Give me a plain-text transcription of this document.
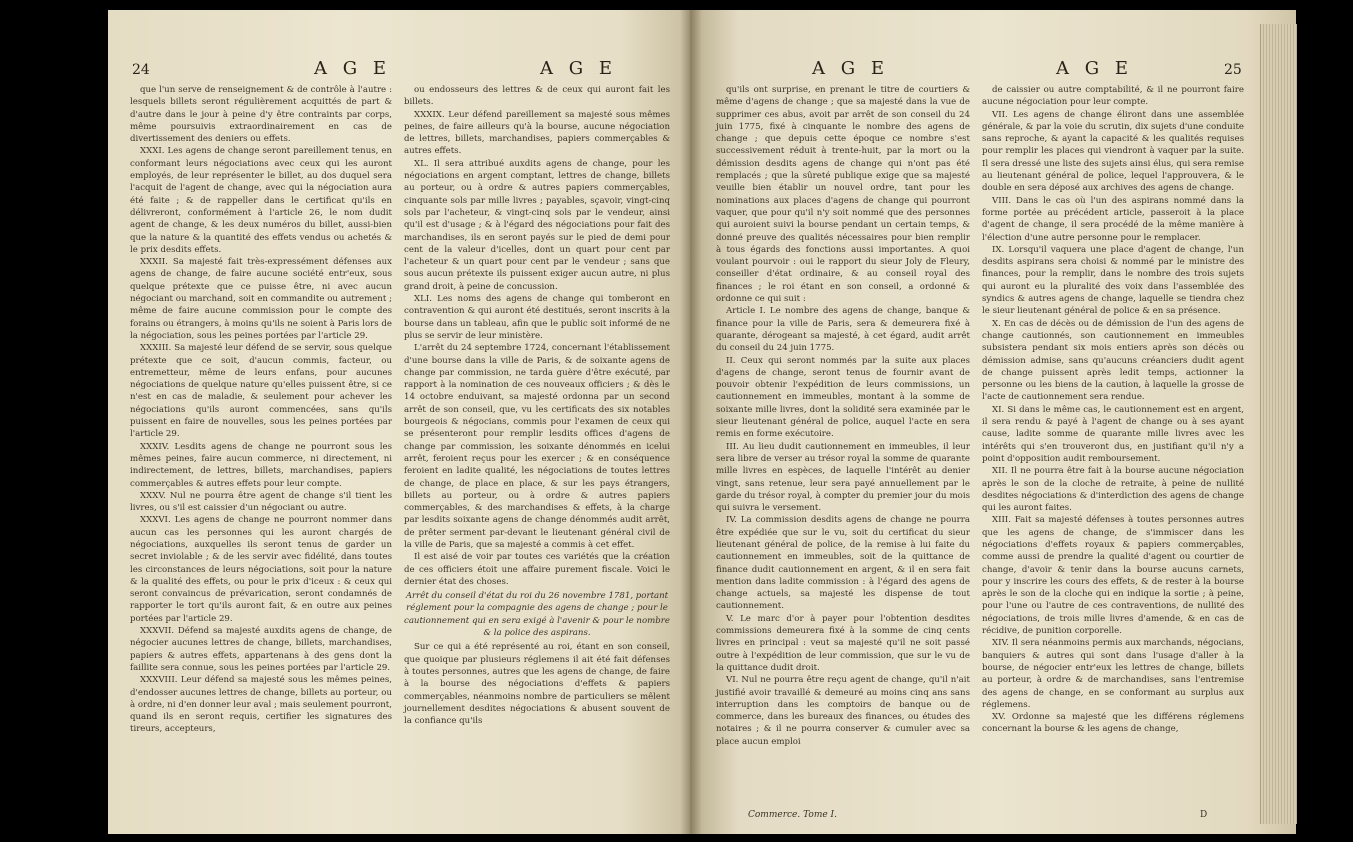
24	A G E	A G E

que l'un serve de renseignement & de contrôle à l'autre : lesquels billets seront régulièrement acquittés de part & d'autre dans le jour à peine d'y être contraints par corps, même poursuivis extraordinairement en cas de divertissement des deniers ou effets.

XXXI. Les agens de change seront pareillement tenus, en conformant leurs négociations avec ceux qui les auront employés, de leur représenter le billet, au dos duquel sera l'acquit de l'agent de change, avec qui la négociation aura été faite ; & de rappeller dans le certificat qu'ils en délivreront, conformément à l'article 26, le nom dudit agent de change, & les deux numéros du billet, aussi-bien que la nature & la quantité des effets vendus ou achetés & le prix desdits effets.

XXXII. Sa majesté fait très-expressément défenses aux agens de change, de faire aucune société entr'eux, sous quelque prétexte que ce puisse être, ni avec aucun négociant ou marchand, soit en commandite ou autrement ; même de faire aucune commission pour le compte des forains ou étrangers, à moins qu'ils ne soient à Paris lors de la négociation, sous les peines portées par l'article 29.

XXXIII. Sa majesté leur défend de se servir, sous quelque prétexte que ce soit, d'aucun commis, facteur, ou entremetteur, même de leurs enfans, pour aucunes négociations de quelque nature qu'elles puissent être, si ce n'est en cas de maladie, & seulement pour achever les négociations qu'ils auront commencées, sans qu'ils puissent en faire de nouvelles, sous les peines portées par l'article 29.

XXXIV. Lesdits agens de change ne pourront sous les mêmes peines, faire aucun commerce, ni directement, ni indirectement, de lettres, billets, marchandises, papiers commerçables & autres effets pour leur compte.

XXXV. Nul ne pourra être agent de change s'il tient les livres, ou s'il est caissier d'un négociant ou autre.

XXXVI. Les agens de change ne pourront nommer dans aucun cas les personnes qui les auront chargés de négociations, auxquelles ils seront tenus de garder un secret inviolable ; & de les servir avec fidélité, dans toutes les circonstances de leurs négociations, soit pour la nature & la qualité des effets, ou pour le prix d'iceux : & ceux qui seront convaincus de prévarication, seront condamnés de rapporter le tort qu'ils auront fait, & en outre aux peines portées par l'article 29.

XXXVII. Défend sa majesté auxdits agens de change, de négocier aucunes lettres de change, billets, marchandises, papiers & autres effets, appartenans à des gens dont la faillite sera connue, sous les peines portées par l'article 29.

XXXVIII. Leur défend sa majesté sous les mêmes peines, d'endosser aucunes lettres de change, billets au porteur, ou à ordre, ni d'en donner leur aval ; mais seulement pourront, quand ils en seront requis, certifier les signatures des tireurs, accepteurs,

ou endosseurs des lettres & de ceux qui auront fait les billets.

XXXIX. Leur défend pareillement sa majesté sous mêmes peines, de faire ailleurs qu'à la bourse, aucune négociation de lettres, billets, marchandises, papiers commerçables & autres effets.

XL. Il sera attribué auxdits agens de change, pour les négociations en argent comptant, lettres de change, billets au porteur, ou à ordre & autres papiers commerçables, cinquante sols par mille livres ; payables, sçavoir, vingt-cinq sols par l'acheteur, & vingt-cinq sols par le vendeur, ainsi qu'il est d'usage ; & à l'égard des négociations pour fait des marchandises, ils en seront payés sur le pied de demi pour cent de la valeur d'icelles, dont un quart pour cent par l'acheteur & un quart pour cent par le vendeur ; sans que sous aucun prétexte ils puissent exiger aucun autre, ni plus grand droit, à peine de concussion.

XLI. Les noms des agens de change qui tomberont en contravention & qui auront été destitués, seront inscrits à la bourse dans un tableau, afin que le public soit informé de ne plus se servir de leur ministère.

L'arrêt du 24 septembre 1724, concernant l'établissement d'une bourse dans la ville de Paris, & de soixante agens de change par commission, ne tarda guère d'être exécuté, par rapport à la nomination de ces nouveaux officiers ; & dès le 14 octobre enduivant, sa majesté ordonna par un second arrêt de son conseil, que, vu les certificats des six notables bourgeois & négocians, commis pour l'examen de ceux qui se présenteront pour remplir lesdits offices d'agens de change par commission, les soixante dénommés en icelui arrêt, feroient reçus pour les exercer ; & en conséquence feroient en ladite qualité, les négociations de toutes lettres de change, de place en place, & sur les pays étrangers, billets au porteur, ou à ordre & autres papiers commerçables, & des marchandises & effets, à la charge par lesdits soixante agens de change dénommés audit arrêt, de prêter serment par-devant le lieutenant général civil de la ville de Paris, que sa majesté a commis à cet effet.

Il est aisé de voir par toutes ces variétés que la création de ces officiers étoit une affaire purement fiscale. Voici le dernier état des choses.

Arrêt du conseil d'état du roi du 26 novembre 1781, portant réglement pour la compagnie des agens de change ; pour le cautionnement qui en sera exigé à l'avenir & pour le nombre & la police des aspirans.

Sur ce qui a été représenté au roi, étant en son conseil, que quoique par plusieurs réglemens il ait été fait défenses à toutes personnes, autres que les agens de change, de faire à la bourse des négociations d'effets & papiers commerçables, néanmoins nombre de particuliers se mêlent journellement desdites négociations & abusent souvent de la confiance qu'ils

A G E	A G E	25

qu'ils ont surprise, en prenant le titre de courtiers & même d'agens de change ; que sa majesté dans la vue de supprimer ces abus, avoit par arrêt de son conseil du 24 juin 1775, fixé à cinquante le nombre des agens de change ; que depuis cette époque ce nombre s'est successivement réduit à trente-huit, par la mort ou la démission desdits agens de change qui n'ont pas été remplacés ; que la sûreté publique exige que sa majesté veuille bien établir un nouvel ordre, tant pour les nominations aux places d'agens de change qui pourront vaquer, que pour qu'il n'y soit nommé que des personnes qui auroient suivi la bourse pendant un certain temps, & donné preuve des qualités nécessaires pour bien remplir à tous égards des fonctions aussi importantes. A quoi voulant pourvoir : oui le rapport du sieur Joly de Fleury, conseiller d'état ordinaire, & au conseil royal des finances ; le roi étant en son conseil, a ordonné & ordonne ce qui suit :

Article I. Le nombre des agens de change, banque & finance pour la ville de Paris, sera & demeurera fixé à quarante, dérogeant sa majesté, à cet égard, audit arrêt du conseil du 24 juin 1775.

II. Ceux qui seront nommés par la suite aux places d'agens de change, seront tenus de fournir avant de pouvoir obtenir l'expédition de leurs commissions, un cautionnement en immeubles, montant à la somme de soixante mille livres, dont la solidité sera examinée par le sieur lieutenant général de police, auquel l'acte en sera remis en forme exécutoire.

III. Au lieu dudit cautionnement en immeubles, il leur sera libre de verser au trésor royal la somme de quarante mille livres en espèces, de laquelle l'intérêt au denier vingt, sans retenue, leur sera payé annuellement par le garde du trésor royal, à compter du premier jour du mois qui suivra le versement.

IV. La commission desdits agens de change ne pourra être expédiée que sur le vu, soit du certificat du sieur lieutenant général de police, de la remise à lui faite du cautionnement en immeubles, soit de la quittance de finance dudit cautionnement en argent, & il en sera fait mention dans ladite commission : à l'égard des agens de change actuels, sa majesté les dispense de tout cautionnement.

V. Le marc d'or à payer pour l'obtention desdites commissions demeurera fixé à la somme de cinq cents livres en principal : veut sa majesté qu'il ne soit passé outre à l'expédition de leur commission, que sur le vu de la quittance dudit droit.

VI. Nul ne pourra être reçu agent de change, qu'il n'ait justifié avoir travaillé & demeuré au moins cinq ans sans interruption dans les comptoirs de banque ou de commerce, dans les bureaux des finances, ou études des notaires ; & il ne pourra conserver & cumuler avec sa place aucun emploi

de caissier ou autre comptabilité, & il ne pourront faire aucune négociation pour leur compte.

VII. Les agens de change éliront dans une assemblée générale, & par la voie du scrutin, dix sujets d'une conduite sans reproche, & ayant la capacité & les qualités requises pour remplir les places qui viendront à vaquer par la suite. Il sera dressé une liste des sujets ainsi élus, qui sera remise au lieutenant général de police, lequel l'approuvera, & le double en sera déposé aux archives des agens de change.

VIII. Dans le cas où l'un des aspirans nommé dans la forme portée au précédent article, passeroit à la place d'agent de change, il sera procédé de la même manière à l'élection d'une autre personne pour le remplacer.

IX. Lorsqu'il vaquera une place d'agent de change, l'un desdits aspirans sera choisi & nommé par le ministre des finances, pour la remplir, dans le nombre des trois sujets qui auront eu la pluralité des voix dans l'assemblée des syndics & autres agens de change, laquelle se tiendra chez le sieur lieutenant général de police & en sa présence.

X. En cas de décès ou de démission de l'un des agens de change cautionnés, son cautionnement en immeubles subsistera pendant six mois entiers après son décès ou démission admise, sans qu'aucuns créanciers dudit agent de change puissent après ledit temps, actionner la personne ou les biens de la caution, à laquelle la grosse de l'acte de cautionnement sera rendue.

XI. Si dans le même cas, le cautionnement est en argent, il sera rendu & payé à l'agent de change ou à ses ayant cause, ladite somme de quarante mille livres avec les intérêts qui s'en trouveront dus, en justifiant qu'il n'y a point d'opposition audit remboursement.

XII. Il ne pourra être fait à la bourse aucune négociation après le son de la cloche de retraite, à peine de nullité desdites négociations & d'interdiction des agens de change qui les auront faites.

XIII. Fait sa majesté défenses à toutes personnes autres que les agens de change, de s'immiscer dans les négociations d'effets royaux & papiers commerçables, comme aussi de prendre la qualité d'agent ou courtier de change, d'avoir & tenir dans la bourse aucuns carnets, pour y inscrire les cours des effets, & de rester à la bourse après le son de la cloche qui en indique la sortie ; à peine, pour l'une ou l'autre de ces contraventions, de nullité des négociations, de trois mille livres d'amende, & en cas de récidive, de punition corporelle.

XIV. Il sera néanmoins permis aux marchands, négocians, banquiers & autres qui sont dans l'usage d'aller à la bourse, de négocier entr'eux les lettres de change, billets au porteur, à ordre & de marchandises, sans l'entremise des agens de change, en se conformant au surplus aux réglemens.

XV. Ordonne sa majesté que les différens réglemens concernant la bourse & les agens de change,

Commerce. Tome I.	D
